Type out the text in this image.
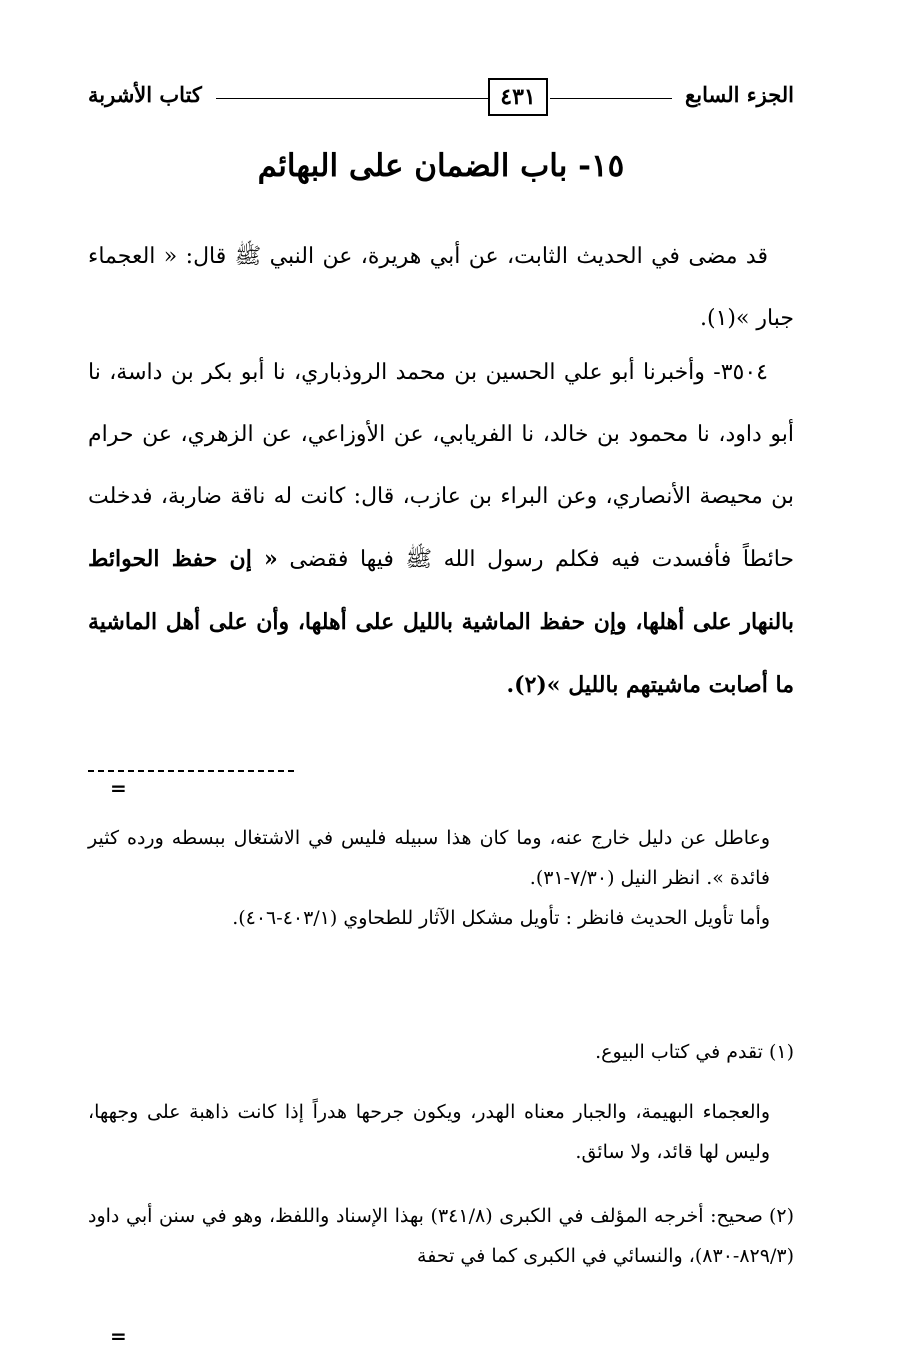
الجزء السابع
٤٣١
كتاب الأشربة
١٥- باب الضمان على البهائم
قد مضى في الحديث الثابت، عن أبي هريرة، عن النبي ﷺ قال: « العجماء جبار »(١).
٣٥٠٤- وأخبرنا أبو علي الحسين بن محمد الروذباري، نا أبو بكر بن داسة، نا أبو داود، نا محمود بن خالد، نا الفريابي، عن الأوزاعي، عن الزهري، عن حرام بن محيصة الأنصاري، وعن البراء بن عازب، قال: كانت له ناقة ضاربة، فدخلت حائطاً فأفسدت فيه فكلم رسول الله ﷺ فيها فقضى « إن حفظ الحوائط بالنهار على أهلها، وإن حفظ الماشية بالليل على أهلها، وأن على أهل الماشية ما أصابت ماشيتهم بالليل »(٢).
=
وعاطل عن دليل خارج عنه، وما كان هذا سبيله فليس في الاشتغال ببسطه ورده كثير فائدة ». انظر النيل (٧/٣٠-٣١).
وأما تأويل الحديث فانظر : تأويل مشكل الآثار للطحاوي (٤٠٣/١-٤٠٦).
(١)تقدم في كتاب البيوع.
والعجماء البهيمة، والجبار معناه الهدر، ويكون جرحها هدراً إذا كانت ذاهبة على وجهها، وليس لها قائد، ولا سائق.
(٢)صحيح: أخرجه المؤلف في الكبرى (٣٤١/٨) بهذا الإسناد واللفظ، وهو في سنن أبي داود (٨٢٩/٣-٨٣٠)، والنسائي في الكبرى كما في تحفة
=
